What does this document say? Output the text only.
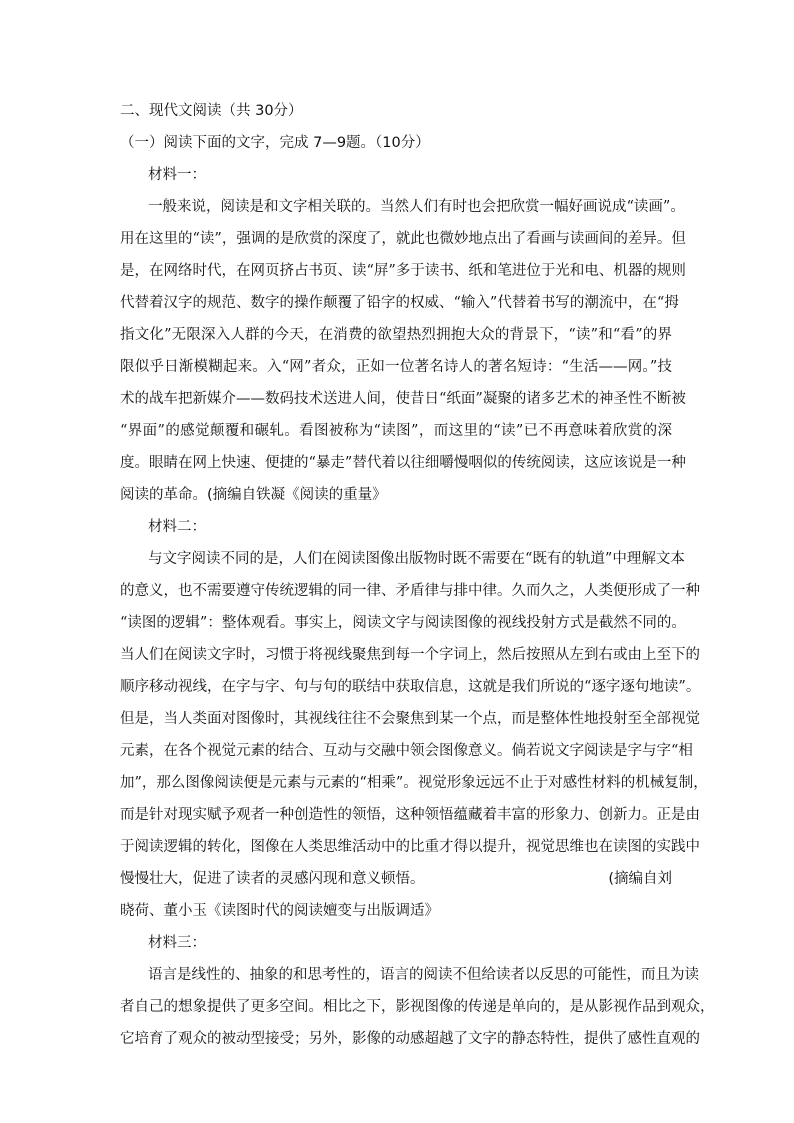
二、现代文阅读（共 30分）
（一）阅读下面的文字，完成 7—9题。（10分）
材料一：
一般来说，阅读是和文字相关联的。当然人们有时也会把欣赏一幅好画说成“读画”。
用在这里的“读”，强调的是欣赏的深度了，就此也微妙地点出了看画与读画间的差异。但
是，在网络时代，在网页挤占书页、读“屏”多于读书、纸和笔进位于光和电、机器的规则
代替着汉字的规范、数字的操作颠覆了铅字的权威、“输入”代替着书写的潮流中，在“拇
指文化”无限深入人群的今天，在消费的欲望热烈拥抱大众的背景下，“读”和“看”的界
限似乎日渐模糊起来。入“网”者众，正如一位著名诗人的著名短诗：“生活——网。”技
术的战车把新媒介——数码技术送进人间，使昔日“纸面”凝聚的诸多艺术的神圣性不断被
“界面”的感觉颠覆和碾轧。看图被称为“读图”，而这里的“读”已不再意味着欣赏的深
度。眼睛在网上快速、便捷的“暴走”替代着以往细嚼慢咽似的传统阅读，这应该说是一种
阅读的革命。(摘编自铁凝《阅读的重量》
材料二：
与文字阅读不同的是，人们在阅读图像出版物时既不需要在“既有的轨道”中理解文本
的意义，也不需要遵守传统逻辑的同一律、矛盾律与排中律。久而久之，人类便形成了一种
“读图的逻辑”：整体观看。事实上，阅读文字与阅读图像的视线投射方式是截然不同的。
当人们在阅读文字时，习惯于将视线聚焦到每一个字词上，然后按照从左到右或由上至下的
顺序移动视线，在字与字、句与句的联结中获取信息，这就是我们所说的“逐字逐句地读”。
但是，当人类面对图像时，其视线往往不会聚焦到某一个点，而是整体性地投射至全部视觉
元素，在各个视觉元素的结合、互动与交融中领会图像意义。倘若说文字阅读是字与字“相
加”，那么图像阅读便是元素与元素的“相乘”。视觉形象远远不止于对感性材料的机械复制，
而是针对现实赋予观者一种创造性的领悟，这种领悟蕴藏着丰富的形象力、创新力。正是由
于阅读逻辑的转化，图像在人类思维活动中的比重才得以提升，视觉思维也在读图的实践中
慢慢壮大，促进了读者的灵感闪现和意义顿悟。	(摘编自刘
晓荷、董小玉《读图时代的阅读嬗变与出版调适》
材料三：
语言是线性的、抽象的和思考性的，语言的阅读不但给读者以反思的可能性，而且为读
者自己的想象提供了更多空间。相比之下，影视图像的传递是单向的，是从影视作品到观众，
它培育了观众的被动型接受；另外，影像的动感超越了文字的静态特性，提供了感性直观的
